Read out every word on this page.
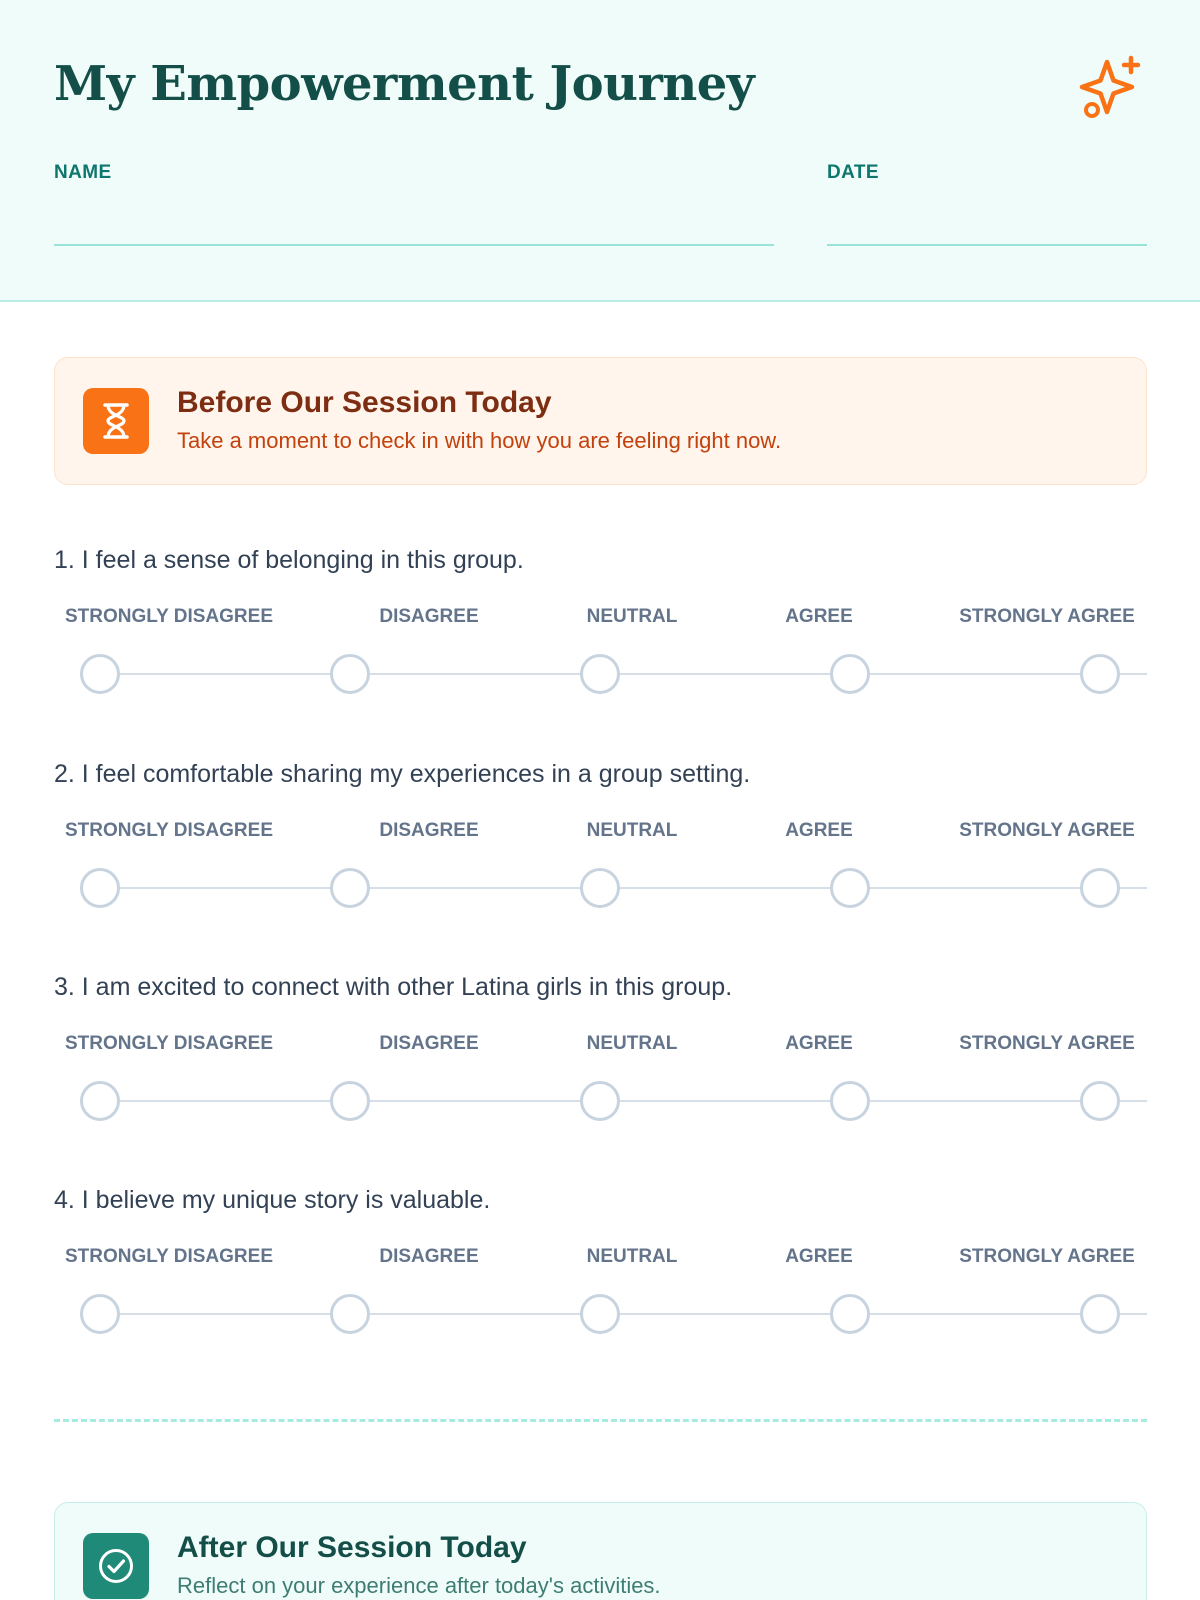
My Empowerment Journey
NAME	DATE
Before Our Session Today
Take a moment to check in with how you are feeling right now.
1. I feel a sense of belonging in this group.
STRONGLY DISAGREE	DISAGREE	NEUTRAL	AGREE	STRONGLY AGREE
2. I feel comfortable sharing my experiences in a group setting.
STRONGLY DISAGREE	DISAGREE	NEUTRAL	AGREE	STRONGLY AGREE
3. I am excited to connect with other Latina girls in this group.
STRONGLY DISAGREE	DISAGREE	NEUTRAL	AGREE	STRONGLY AGREE
4. I believe my unique story is valuable.
STRONGLY DISAGREE	DISAGREE	NEUTRAL	AGREE	STRONGLY AGREE
After Our Session Today
Reflect on your experience after today's activities.
